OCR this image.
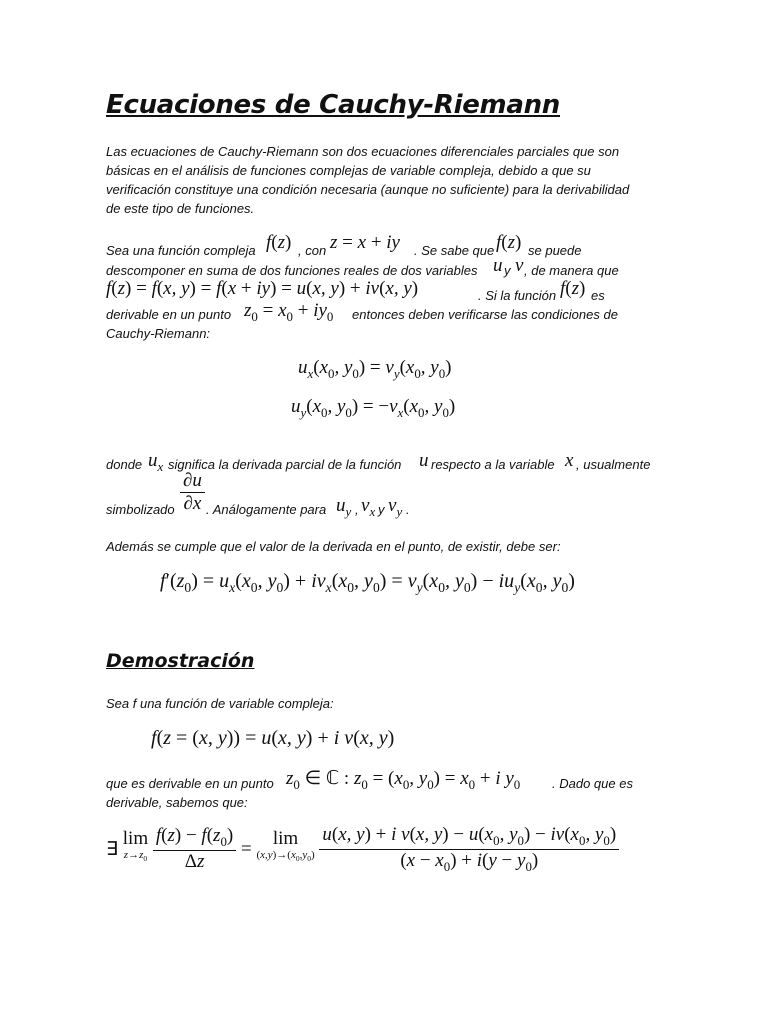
Ecuaciones de Cauchy-Riemann
Las ecuaciones de Cauchy-Riemann son dos ecuaciones diferenciales parciales que son
básicas en el análisis de funciones complejas de variable compleja, debido a que su
verificación constituye una condición necesaria (aunque no suficiente) para la derivabilidad
de este tipo de funciones.
Sea una función compleja f(z) , con z = x + iy . Se sabe que f(z) se puede
descomponer en suma de dos funciones reales de dos variables u y v , de manera que
f(z) = f(x, y) = f(x + iy) = u(x, y) + iv(x, y)	. Si la función f(z) es
derivable en un punto $z_0 = x_0 + iy_0$ entonces deben verificarse las condiciones de
Cauchy-Riemann:
$u_x(x_0$, $y_0) = v_y(x_0$, $y_0$)
$u_y(x_0$, $y_0) = -v_x(x_0$, $y_0$)
donde $u_x$ significa la derivada parcial de la función u respecto a la variable x , usualmente
simbolizado $\frac{\partial u}{\partial x}$ . Análogamente para $u_y$ , $v_x$ y $v_y$ .
Además se cumple que el valor de la derivada en el punto, de existir, debe ser:
$f'(z_0) = u_x(x_0$, $y_0) + iv_x(x_0$, $y_0) = v_y(x_0$, $y_0) - iu_y(x_0$, $y_0$)
Demostración
Sea f una función de variable compleja:
f(z = (x, y)) = u(x, y) + i v(x, y)
que es derivable en un punto $z_0$ ∈ ℂ : $z_0 = (x_0$, $y_0) = x_0 + i$ $y_0$ . Dado que es
derivable, sabemos que:
∃ lim
$z\to z_0 \frac{f(z) - f(z_0)}{\Delta z} = \lim$
$(x,y)\to(x_0,y_0) \frac{u(x, y) + i v(x, y) - u(x_0, y_0) - iv(x_0, y_0)}{(x - x_0) + i(y - y_0)}$
